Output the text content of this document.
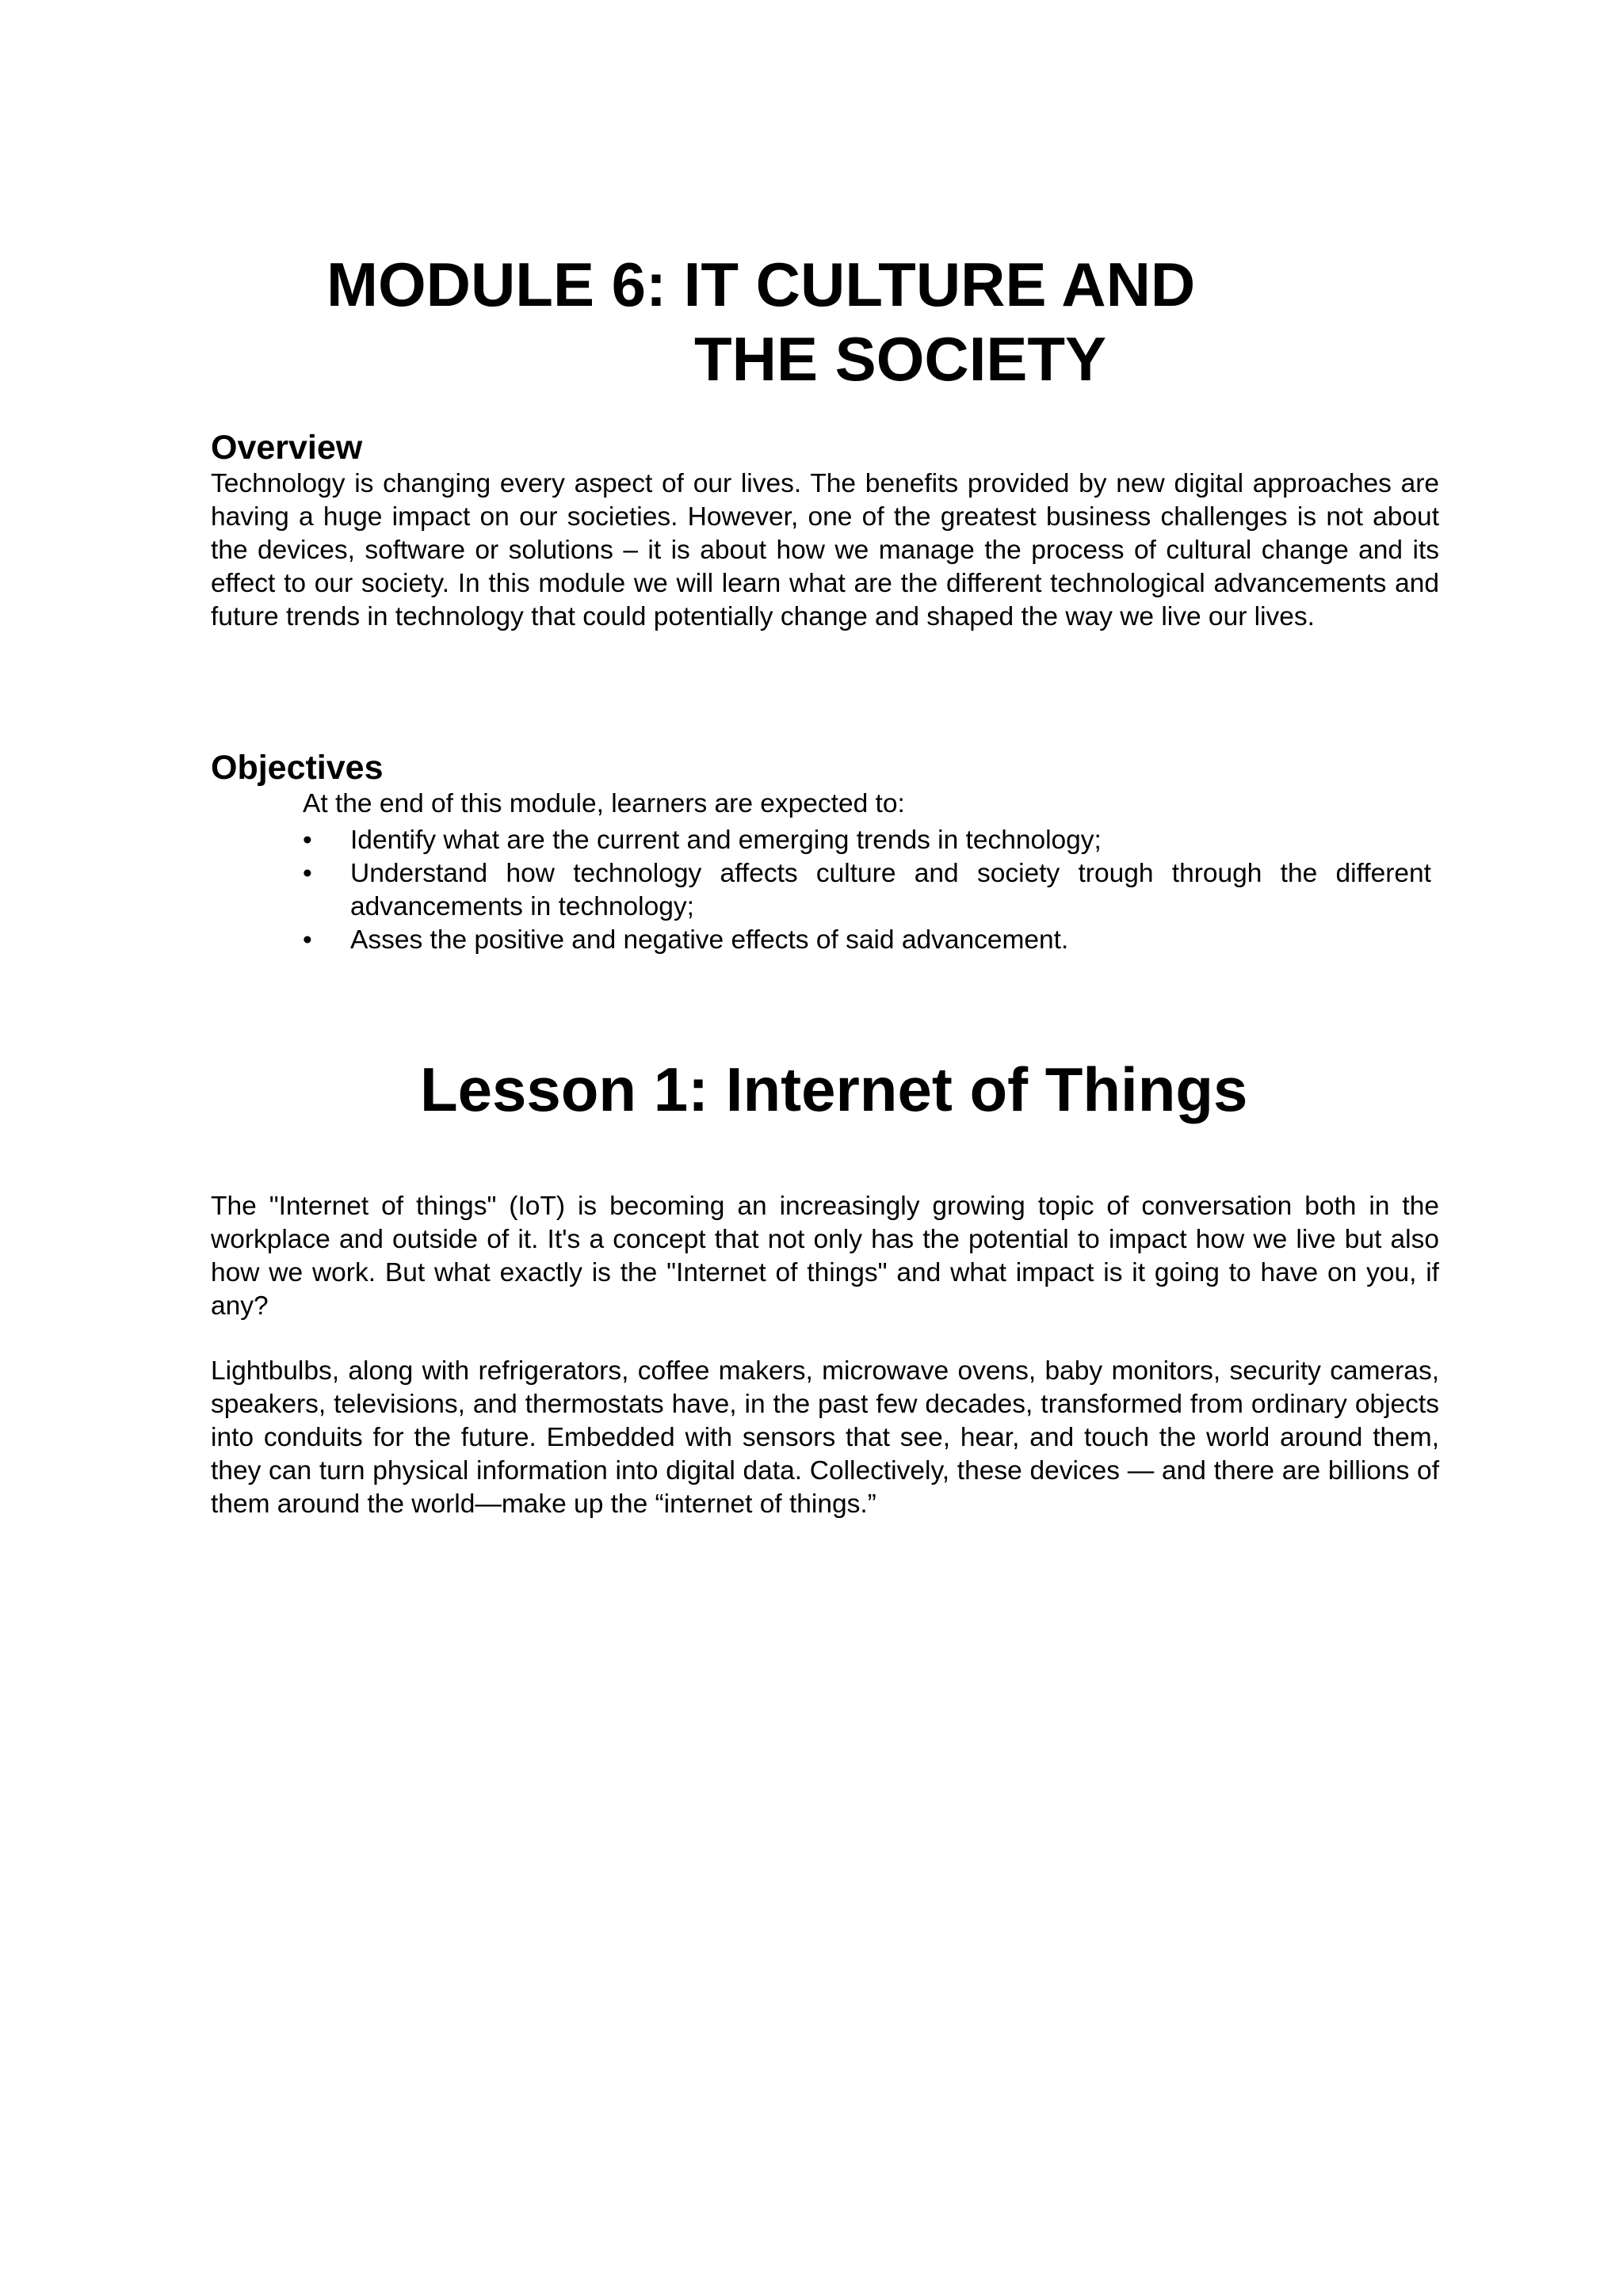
MODULE 6: IT CULTURE AND
THE SOCIETY
Overview

Technology is changing every aspect of our lives. The benefits provided by new digital approaches are having a huge impact on our societies. However, one of the greatest business challenges is not about the devices, software or solutions – it is about how we manage the process of cultural change and its effect to our society. In this module we will learn what are the different technological advancements and future trends in technology that could potentially change and shaped the way we live our lives.

Objectives

At the end of this module, learners are expected to:

• Identify what are the current and emerging trends in technology;
• Understand how technology affects culture and society trough through the different advancements in technology;
• Asses the positive and negative effects of said advancement.
Lesson 1: Internet of Things

The "Internet of things" (IoT) is becoming an increasingly growing topic of conversation both in the workplace and outside of it. It's a concept that not only has the potential to impact how we live but also how we work. But what exactly is the "Internet of things" and what impact is it going to have on you, if any?

Lightbulbs, along with refrigerators, coffee makers, microwave ovens, baby monitors, security cameras, speakers, televisions, and thermostats have, in the past few decades, transformed from ordinary objects into conduits for the future. Embedded with sensors that see, hear, and touch the world around them, they can turn physical information into digital data. Collectively, these devices — and there are billions of them around the world—make up the “internet of things.”
